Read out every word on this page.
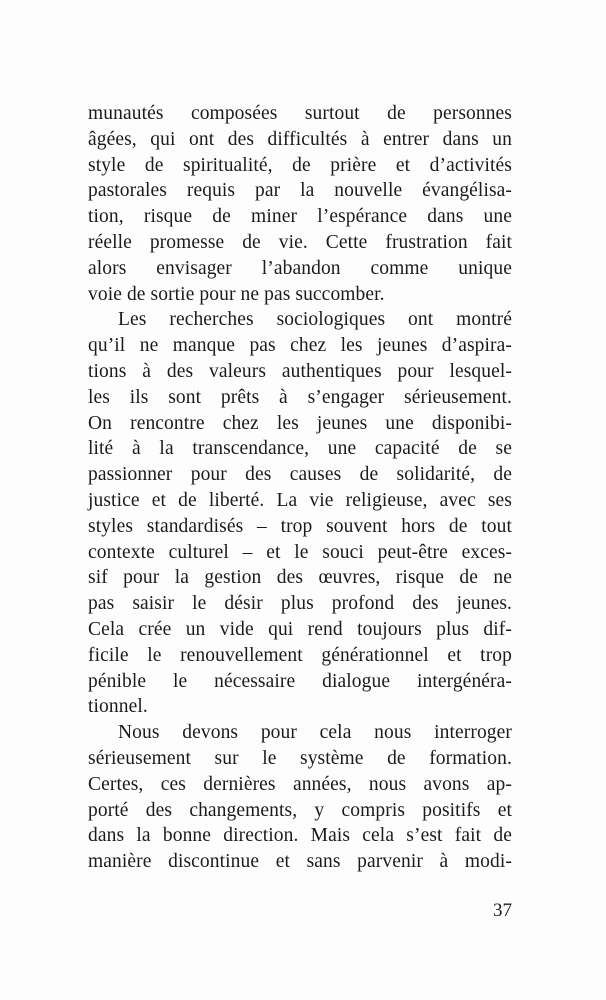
munautés composées surtout de personnes
âgées, qui ont des difficultés à entrer dans un
style de spiritualité, de prière et d’activités
pastorales requis par la nouvelle évangélisa-
tion, risque de miner l’espérance dans une
réelle promesse de vie. Cette frustration fait
alors envisager l’abandon comme unique
voie de sortie pour ne pas succomber.
Les recherches sociologiques ont montré
qu’il ne manque pas chez les jeunes d’aspira-
tions à des valeurs authentiques pour lesquel-
les ils sont prêts à s’engager sérieusement.
On rencontre chez les jeunes une disponibi-
lité à la transcendance, une capacité de se
passionner pour des causes de solidarité, de
justice et de liberté. La vie religieuse, avec ses
styles standardisés – trop souvent hors de tout
contexte culturel – et le souci peut-être exces-
sif pour la gestion des œuvres, risque de ne
pas saisir le désir plus profond des jeunes.
Cela crée un vide qui rend toujours plus dif-
ficile le renouvellement générationnel et trop
pénible le nécessaire dialogue intergénéra-
tionnel.
Nous devons pour cela nous interroger
sérieusement sur le système de formation.
Certes, ces dernières années, nous avons ap-
porté des changements, y compris positifs et
dans la bonne direction. Mais cela s’est fait de
manière discontinue et sans parvenir à modi-
37
